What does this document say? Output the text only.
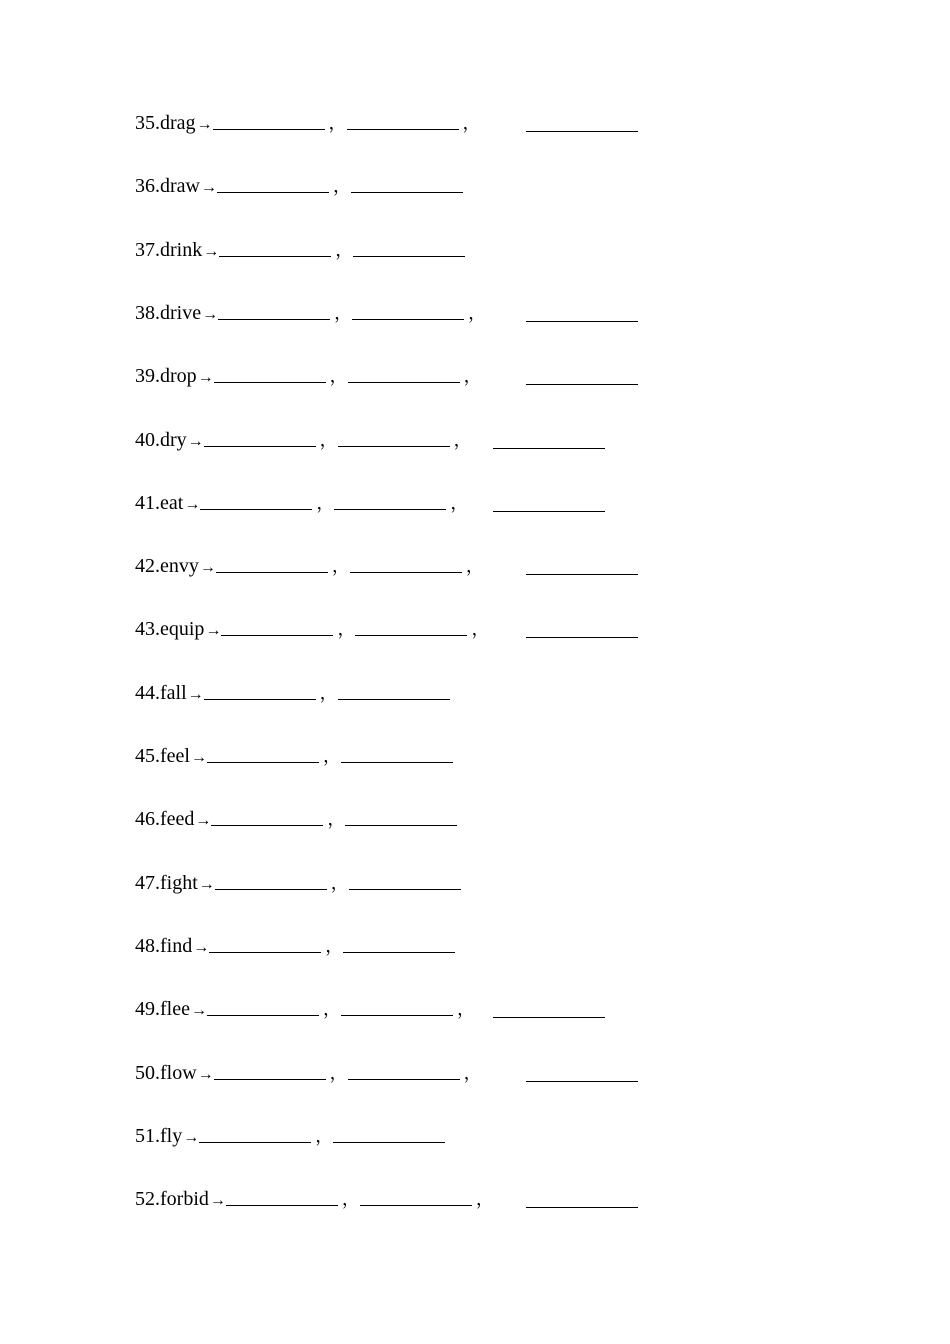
35.drag→	，	，
36.draw→	，
37.drink→	，
38.drive→	，	，
39.drop→	，	，
40.dry→	，	，
41.eat→	，	，
42.envy→	，	，
43.equip→	，	，
44.fall→	，
45.feel→	，
46.feed→	，
47.fight→	，
48.find→	，
49.flee→	，	，
50.flow→	，	，
51.fly→	，
52.forbid→	，	，
